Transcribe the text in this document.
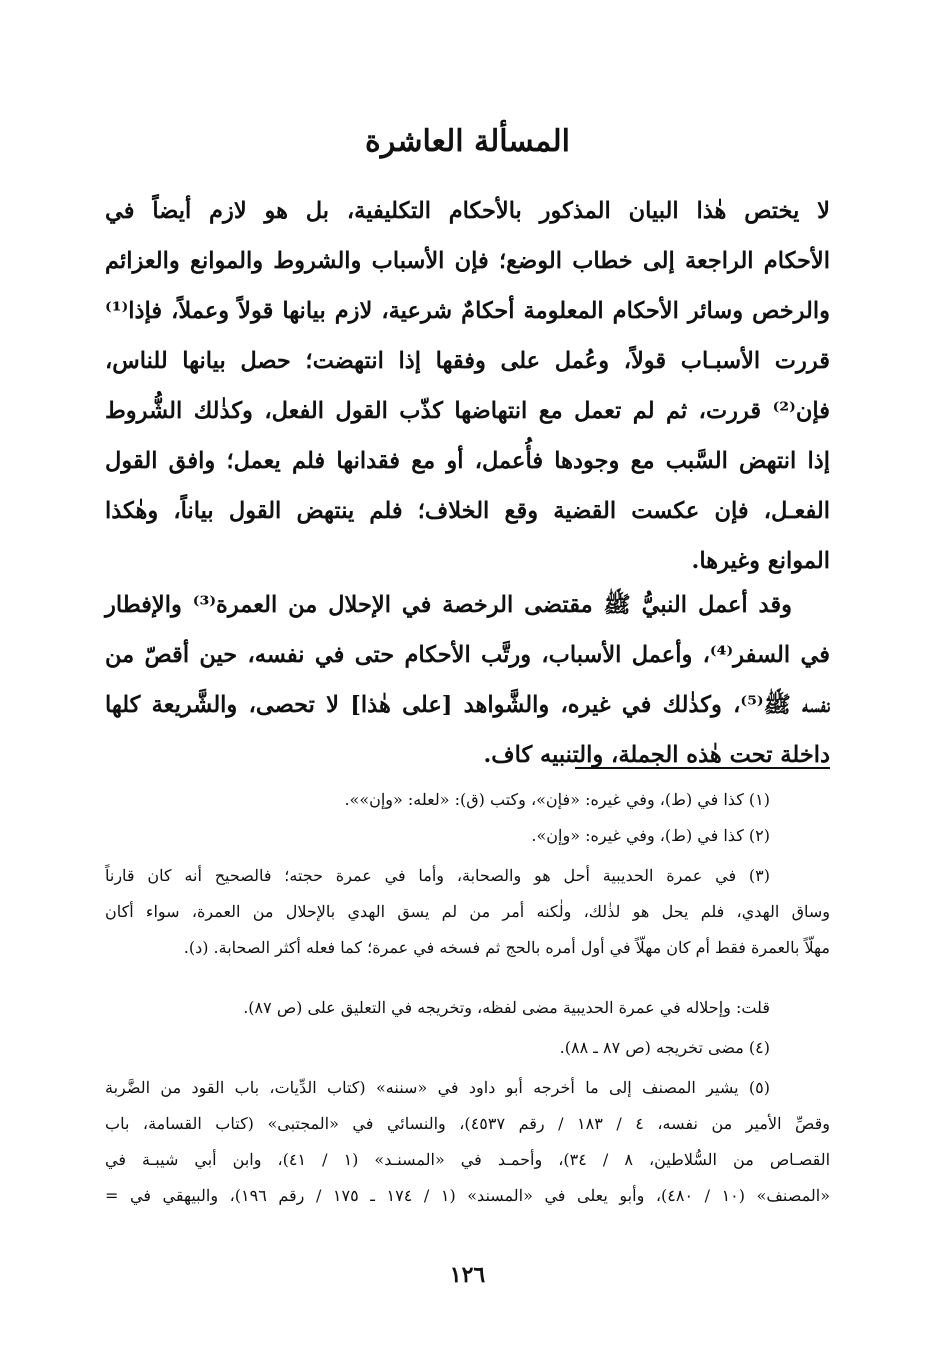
المسألة العاشرة
لا يختص هٰذا البيان المذكور بالأحكام التكليفية، بل هو لازم أيضاً في
الأحكام الراجعة إلى خطاب الوضع؛ فإن الأسباب والشروط والموانع والعزائم
والرخص وسائر الأحكام المعلومة أحكامٌ شرعية، لازم بيانها قولاً وعملاً، فإذا⁽¹⁾
قررت الأسبـاب قولاً، وعُمل على وفقها إذا انتهضت؛ حصل بيانها للناس،
فإن⁽²⁾ قررت، ثم لم تعمل مع انتهاضها كذّب القول الفعل، وكذٰلك الشُّروط
إذا انتهض السَّبب مع وجودها فأُعمل، أو مع فقدانها فلم يعمل؛ وافق القول
الفعـل، فإن عكست القضية وقع الخلاف؛ فلم ينتهض القول بياناً، وهٰكذا
الموانع وغيرها.
وقد أعمل النبيُّ ﷺ مقتضى الرخصة في الإحلال من العمرة⁽³⁾ والإفطار
في السفر⁽⁴⁾، وأعمل الأسباب، ورتَّب الأحكام حتى في نفسه، حين أقصّ من
نفسه ﷺ⁽⁵⁾، وكذٰلك في غيره، والشَّواهد [على هٰذا] لا تحصى، والشَّريعة كلها
داخلة تحت هٰذه الجملة، والتنبيه كاف.
(١) كذا في (ط)، وفي غيره: «فإن»، وكتب (ق): «لعله: «وإن»».
(٢) كذا في (ط)، وفي غيره: «وإن».
(٣) في عمرة الحديبية أحل هو والصحابة، وأما في عمرة حجته؛ فالصحيح أنه كان قارناً
وساق الهدي، فلم يحل هو لذٰلك، ولٰكنه أمر من لم يسق الهدي بالإحلال من العمرة، سواء أكان
مهلّاً بالعمرة فقط أم كان مهلّاً في أول أمره بالحج ثم فسخه في عمرة؛ كما فعله أكثر الصحابة. (د).
قلت: وإحلاله في عمرة الحديبية مضى لفظه، وتخريجه في التعليق على (ص ٨٧).
(٤) مضى تخريجه (ص ٨٧ ـ ٨٨).
(٥) يشير المصنف إلى ما أخرجه أبو داود في «سننه» (كتاب الدِّيات، باب القود من الضَّربة
وقصِّ الأمير من نفسه، ٤ / ١٨٣ / رقم ٤٥٣٧)، والنسائي في «المجتبى» (كتاب القسامة، باب
القصـاص من السُّلاطين، ٨ / ٣٤)، وأحمـد في «المسنـد» (١ / ٤١)، وابن أبي شيبـة في
«المصنف» (١٠ / ٤٨٠)، وأبو يعلى في «المسند» (١ / ١٧٤ ـ ١٧٥ / رقم ١٩٦)، والبيهقي في =
١٢٦
